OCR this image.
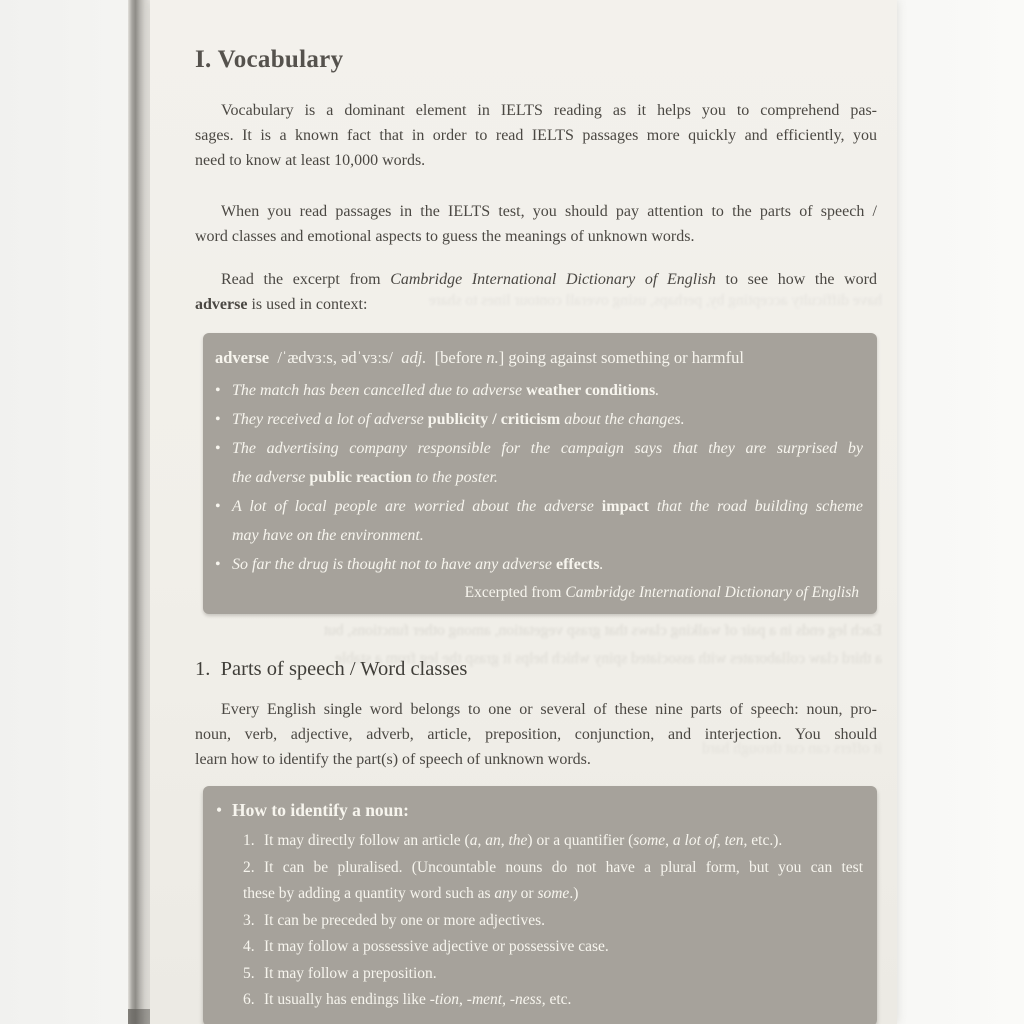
have difficulty accepting by, perhaps, using overall contour lines to share
Each leg ends in a pair of walking claws that grasp vegetation, among other functions, but
a third claw collaborates with associated spiny which helps it grasp the leg from a stable
it offers can cut through hard
I. Vocabulary
Vocabulary is a dominant element in IELTS reading as it helps you to comprehend pas-
sages. It is a known fact that in order to read IELTS passages more quickly and efficiently, you
need to know at least 10,000 words.
When you read passages in the IELTS test, you should pay attention to the parts of speech /
word classes and emotional aspects to guess the meanings of unknown words.
Read the excerpt from Cambridge International Dictionary of English to see how the word
adverse is used in context:
adverse  /ˈædvɜːs, ədˈvɜːs/  adj.  [before n.] going against something or harmful
• The match has been cancelled due to adverse weather conditions.
• They received a lot of adverse publicity / criticism about the changes.
• The advertising company responsible for the campaign says that they are surprised by
the adverse public reaction to the poster.
• A lot of local people are worried about the adverse impact that the road building scheme
may have on the environment.
• So far the drug is thought not to have any adverse effects.
Excerpted from Cambridge International Dictionary of English
1.  Parts of speech / Word classes
Every English single word belongs to one or several of these nine parts of speech: noun, pro-
noun, verb, adjective, adverb, article, preposition, conjunction, and interjection. You should
learn how to identify the part(s) of speech of unknown words.
• How to identify a noun:
1. It may directly follow an article (a, an, the) or a quantifier (some, a lot of, ten, etc.).
2. It can be pluralised. (Uncountable nouns do not have a plural form, but you can test
these by adding a quantity word such as any or some.)
3. It can be preceded by one or more adjectives.
4. It may follow a possessive adjective or possessive case.
5. It may follow a preposition.
6. It usually has endings like -tion, -ment, -ness, etc.
